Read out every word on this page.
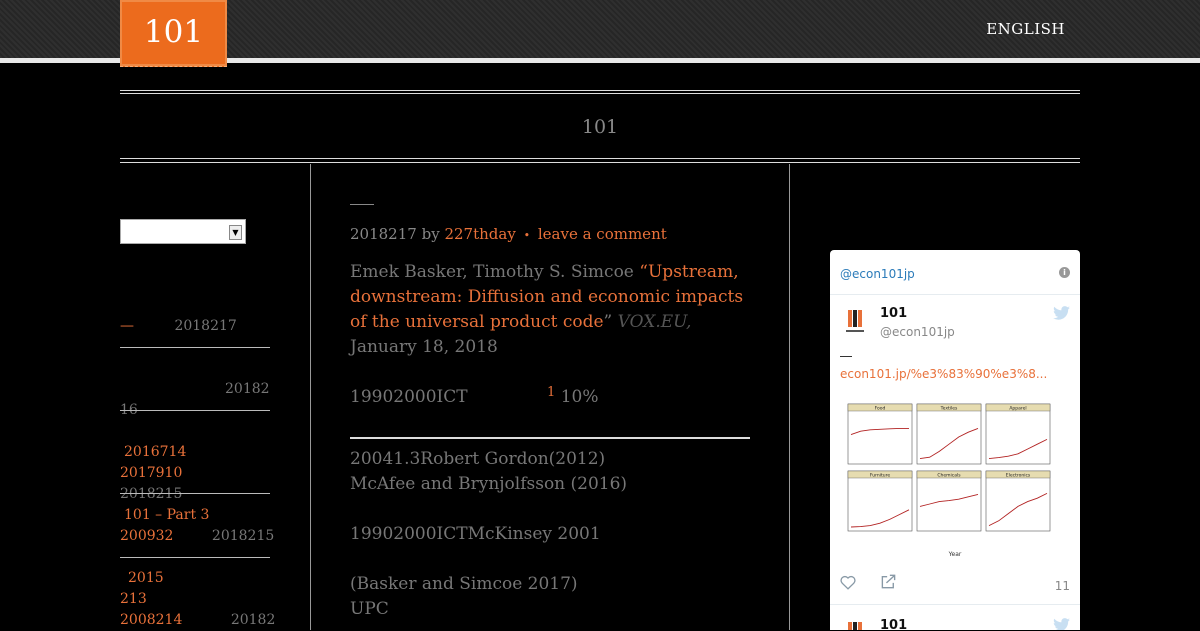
101	ENGLISH
101
▼
—	2018217

20182
16

2016714
2017910
2018215

101 – Part 3
200932	2018215
2015
213
2008214	20182
2018217 by 227thday • leave a comment
Emek Basker, Timothy S. Simcoe “Upstream, downstream: Diffusion and economic impacts of the universal product code” VOX.EU, January 18, 2018
19902000ICT	$^1$ 10%
20041.3Robert Gordon(2012)
McAfee and Brynjolfsson (2016)
19902000ICTMcKinsey 2001
(Basker and Simcoe 2017)
UPC
@econ101jp	i
101
@econ101jp
econ101.jp/%e3%83%90%e3%8...
Food	Textiles	Apparel
Furniture	Chemicals	Electronics
Year
11
101
